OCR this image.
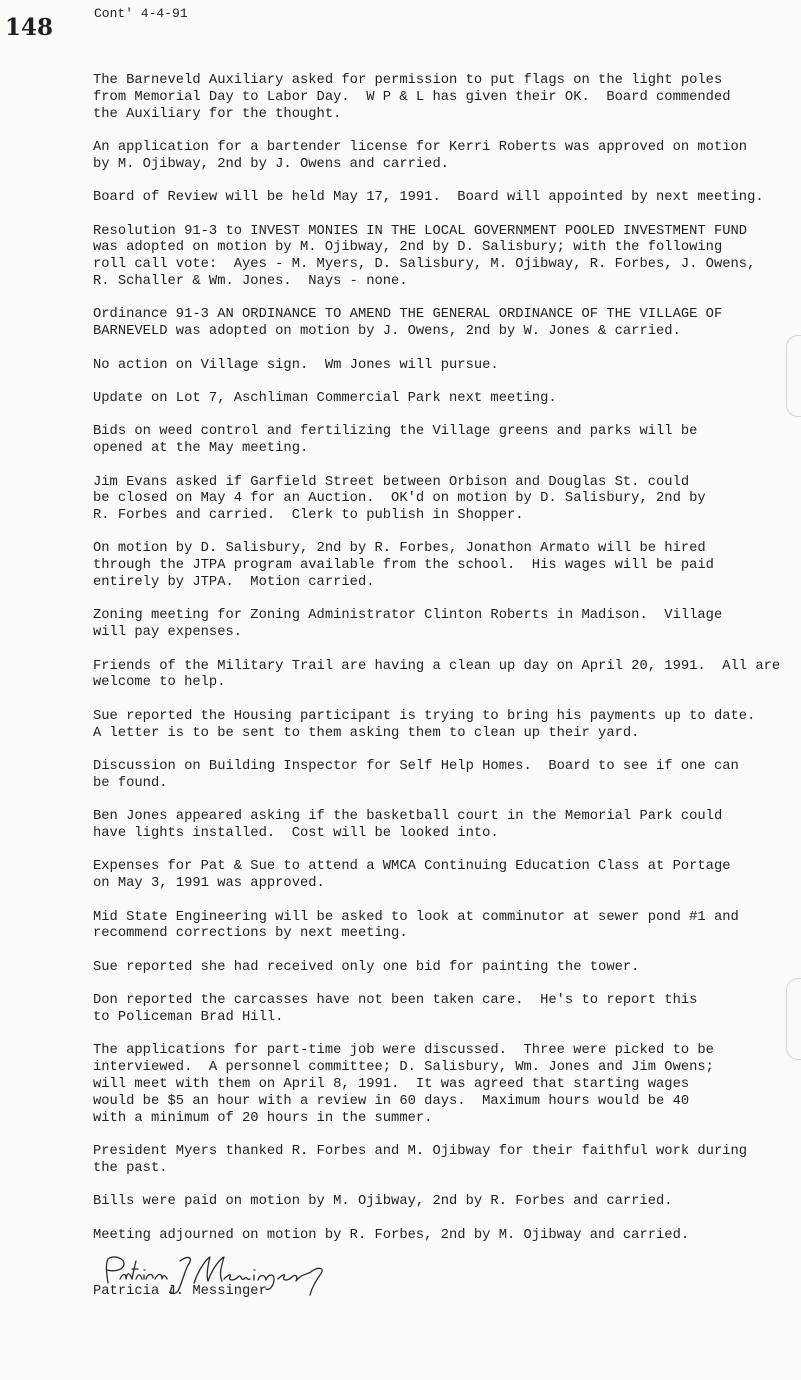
148
Cont' 4-4-91
The Barneveld Auxiliary asked for permission to put flags on the light poles
from Memorial Day to Labor Day.  W P & L has given their OK.  Board commended
the Auxiliary for the thought.
An application for a bartender license for Kerri Roberts was approved on motion
by M. Ojibway, 2nd by J. Owens and carried.
Board of Review will be held May 17, 1991.  Board will appointed by next meeting.
Resolution 91-3 to INVEST MONIES IN THE LOCAL GOVERNMENT POOLED INVESTMENT FUND
was adopted on motion by M. Ojibway, 2nd by D. Salisbury; with the following
roll call vote:  Ayes - M. Myers, D. Salisbury, M. Ojibway, R. Forbes, J. Owens,
R. Schaller & Wm. Jones.  Nays - none.
Ordinance 91-3 AN ORDINANCE TO AMEND THE GENERAL ORDINANCE OF THE VILLAGE OF
BARNEVELD was adopted on motion by J. Owens, 2nd by W. Jones & carried.
No action on Village sign.  Wm Jones will pursue.
Update on Lot 7, Aschliman Commercial Park next meeting.
Bids on weed control and fertilizing the Village greens and parks will be
opened at the May meeting.
Jim Evans asked if Garfield Street between Orbison and Douglas St. could
be closed on May 4 for an Auction.  OK'd on motion by D. Salisbury, 2nd by
R. Forbes and carried.  Clerk to publish in Shopper.
On motion by D. Salisbury, 2nd by R. Forbes, Jonathon Armato will be hired
through the JTPA program available from the school.  His wages will be paid
entirely by JTPA.  Motion carried.
Zoning meeting for Zoning Administrator Clinton Roberts in Madison.  Village
will pay expenses.
Friends of the Military Trail are having a clean up day on April 20, 1991.  All are
welcome to help.
Sue reported the Housing participant is trying to bring his payments up to date.
A letter is to be sent to them asking them to clean up their yard.
Discussion on Building Inspector for Self Help Homes.  Board to see if one can
be found.
Ben Jones appeared asking if the basketball court in the Memorial Park could
have lights installed.  Cost will be looked into.
Expenses for Pat & Sue to attend a WMCA Continuing Education Class at Portage
on May 3, 1991 was approved.
Mid State Engineering will be asked to look at comminutor at sewer pond #1 and
recommend corrections by next meeting.
Sue reported she had received only one bid for painting the tower.
Don reported the carcasses have not been taken care.  He's to report this
to Policeman Brad Hill.
The applications for part-time job were discussed.  Three were picked to be
interviewed.  A personnel committee; D. Salisbury, Wm. Jones and Jim Owens;
will meet with them on April 8, 1991.  It was agreed that starting wages
would be $5 an hour with a review in 60 days.  Maximum hours would be 40
with a minimum of 20 hours in the summer.
President Myers thanked R. Forbes and M. Ojibway for their faithful work during
the past.
Bills were paid on motion by M. Ojibway, 2nd by R. Forbes and carried.
Meeting adjourned on motion by R. Forbes, 2nd by M. Ojibway and carried.
Patricia J. Messinger
